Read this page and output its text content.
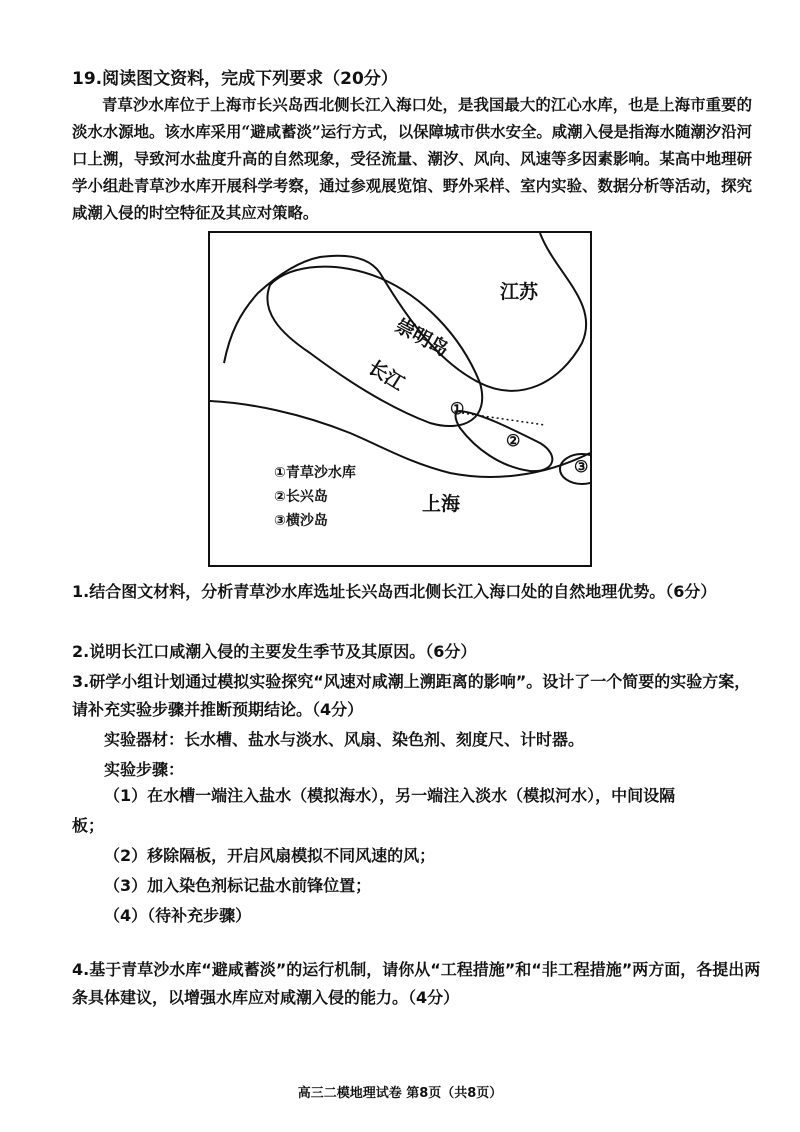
19.阅读图文资料，完成下列要求（20分）

青草沙水库位于上海市长兴岛西北侧长江入海口处，是我国最大的江心水库，也是上海市重要的淡水水源地。该水库采用“避咸蓄淡”运行方式，以保障城市供水安全。咸潮入侵是指海水随潮汐沿河口上溯，导致河水盐度升高的自然现象，受径流量、潮汐、风向、风速等多因素影响。某高中地理研学小组赴青草沙水库开展科学考察，通过参观展览馆、野外采样、室内实验、数据分析等活动，探究咸潮入侵的时空特征及其应对策略。

江苏
崇明岛
长江
上海
①
②
③
①青草沙水库
②长兴岛
③横沙岛

1.结合图文材料，分析青草沙水库选址长兴岛西北侧长江入海口处的自然地理优势。（6分）

2.说明长江口咸潮入侵的主要发生季节及其原因。（6分）

3.研学小组计划通过模拟实验探究“风速对咸潮上溯距离的影响”。设计了一个简要的实验方案，请补充实验步骤并推断预期结论。（4分）

实验器材：长水槽、盐水与淡水、风扇、染色剂、刻度尺、计时器。

实验步骤：

（1）在水槽一端注入盐水（模拟海水），另一端注入淡水（模拟河水），中间设隔

板；

（2）移除隔板，开启风扇模拟不同风速的风；

（3）加入染色剂标记盐水前锋位置；

（4）（待补充步骤）

4.基于青草沙水库“避咸蓄淡”的运行机制，请你从“工程措施”和“非工程措施”两方面，各提出两条具体建议，以增强水库应对咸潮入侵的能力。（4分）

高三二模地理试卷 第8页（共8页）
